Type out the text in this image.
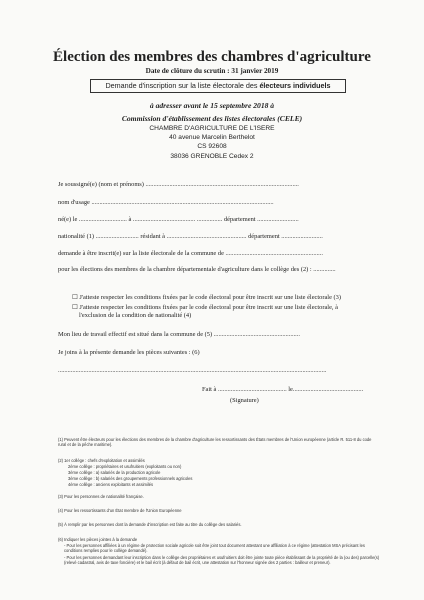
Élection des membres des chambres d'agriculture
Date de clôture du scrutin : 31 janvier 2019
Demande d'inscription sur la liste électorale des électeurs individuels
à adresser avant le 15 septembre 2018 à
Commission d'établissement des listes électorales (CELE)
CHAMBRE D'AGRICULTURE DE L'ISERE
40 avenue Marcelin Berthelot
CS 92608
38036 GRENOBLE Cedex 2
Je soussigné(e) (nom et prénoms) ................................................................................................
nom d'usage ..................................................................................................................
né(e) le .............................. à ....................................... ................ département ..........................
nationalité (1) ........................... résidant à .................................................. département ..........................
demande à être inscrit(e) sur la liste électorale de la commune de .............................................................
pour les élections des membres de la chambre départementale d'agriculture dans le collège des (2) : ..............
☐ J'atteste respecter les conditions fixées par le code électoral pour être inscrit sur une liste électorale (3)
☐ J'atteste respecter les conditions fixées par le code électoral pour être inscrit sur une liste électorale, à
l'exclusion de la condition de nationalité (4)
Mon lieu de travail effectif est situé dans la commune de (5) ......................................................
Je joins à la présente demande les pièces suivantes : (6)
........................................................................................................................................................................
Fait à ........................................... le............................................
(Signature)
(1) Peuvent être électeurs pour les élections des membres de la chambre d'agriculture les ressortissants des États membres de l'Union européenne (article R. 511-8 du code rural et de la pêche maritime).
(2) 1er collège : chefs d'exploitation et assimilés
2ème collège : propriétaires et usufruitiers (exploitants ou non)
3ème collège : a) salariés de la production agricole
3ème collège : b) salariés des groupements professionnels agricoles
4ème collège : anciens exploitants et assimilés
(3) Pour les personnes de nationalité française.
(4) Pour les ressortissants d'un État membre de l'Union Européenne
(5) À remplir par les personnes dont la demande d'inscription est faite au titre du collège des salariés.
(6) Indiquer les pièces jointes à la demande
- Pour les personnes affiliées à un régime de protection sociale agricole soit être joint tout document attestant une affiliation à ce régime (attestation MSA précisant les conditions remplies pour le collège demandé).
- Pour les personnes demandant leur inscription dans le collège des propriétaires et usufruitiers doit être jointe toute pièce établissant de la propriété de la (ou des) parcelle(s) (relevé cadastral, avis de taxe foncière) et le bail écrit (à défaut de bail écrit, une attestation sur l'honneur signée des 2 parties : bailleur et preneur).
